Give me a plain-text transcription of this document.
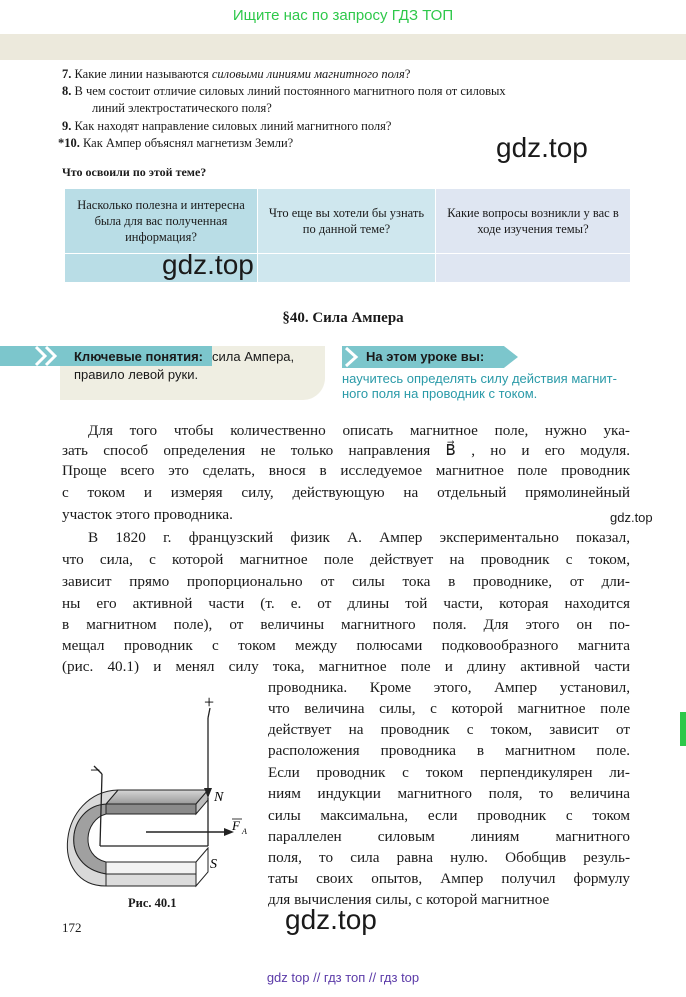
Ищите нас по запросу ГДЗ ТОП
7. Какие линии называются силовыми линиями магнитного поля?
8. В чем состоит отличие силовых линий постоянного магнитного поля от силовых
линий электростатического поля?
9. Как находят направление силовых линий магнитного поля?
*10. Как Ампер объяснял магнетизм Земли?	gdz.top
Что освоили по этой теме?
Насколько полезна и интересна была для вас полученная информация?	Что еще вы хотели бы узнать по данной теме?	Какие вопросы возникли у вас в ходе изучения темы?

gdz.top
§40. Сила Ампера
Ключевые понятия: сила Ампера,
правило левой руки.
На этом уроке вы:
научитесь определять силу действия магнит-ного поля на проводник с током.
Для того чтобы количественно описать магнитное поле, нужно ука-
зать способ определения не только направления B⃗ , но и его модуля.
Проще всего это сделать, внося в исследуемое магнитное поле проводник
с током и измеряя силу, действующую на отдельный прямолинейный
участок этого проводника.	gdz.top
В 1820 г. французский физик А. Ампер экспериментально показал,
что сила, с которой магнитное поле действует на проводник с током,
зависит прямо пропорционально от силы тока в проводнике, от дли-
ны его активной части (т. е. от длины той части, которая находится
в магнитном поле), от величины магнитного поля. Для этого он по-
мещал проводник с током между полюсами подковообразного магнита
(рис. 40.1) и менял силу тока, магнитное поле и длину активной части
проводника. Кроме этого, Ампер установил,
что величина силы, с которой магнитное поле
действует на проводник с током, зависит от
расположения проводника в магнитном поле.
Если проводник с током перпендикулярен ли-
ниям индукции магнитного поля, то величина
силы максимальна, если проводник с током
параллелен силовым линиям магнитного
поля, то сила равна нулю. Обобщив резуль-
таты своих опытов, Ампер получил формулу
для вычисления силы, с которой магнитное
+
−
N
S
F A
Рис. 40.1
172	gdz.top
gdz top // гдз топ // гдз top
